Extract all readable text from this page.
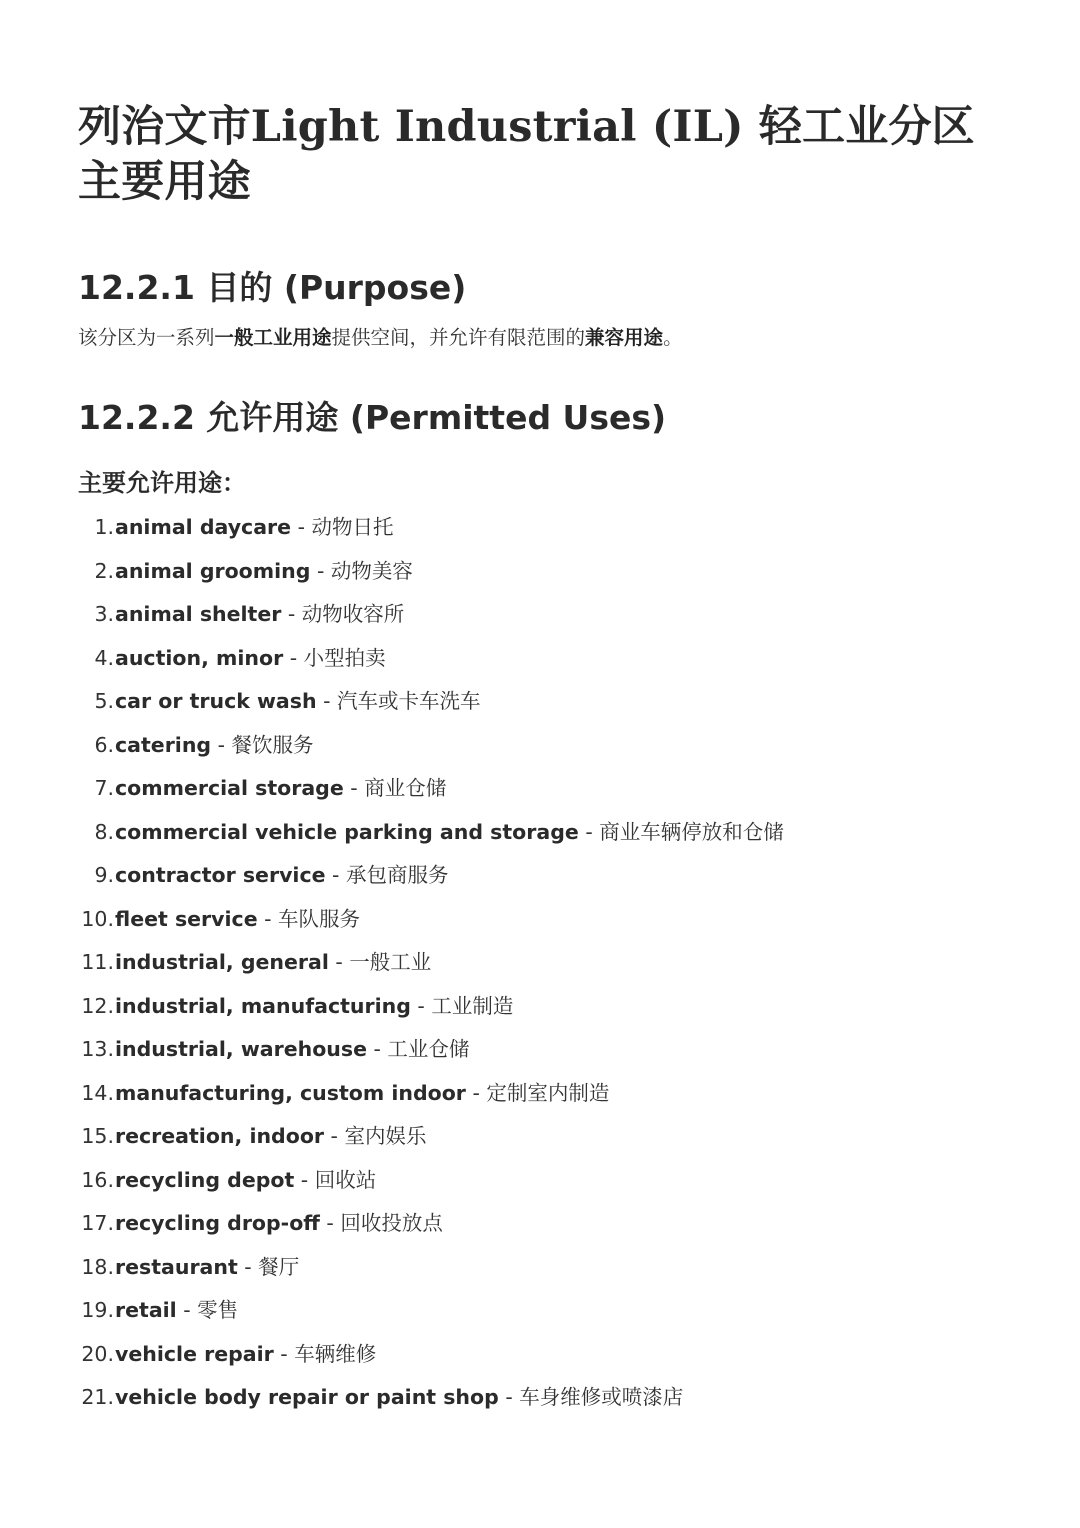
列治文市Light Industrial (IL) 轻工业分区主要用途
12.2.1 目的 (Purpose)

该分区为一系列一般工业用途提供空间，并允许有限范围的兼容用途。

12.2.2 允许用途 (Permitted Uses)
主要允许用途：
1. animal daycare - 动物日托
2. animal grooming - 动物美容
3. animal shelter - 动物收容所
4. auction, minor - 小型拍卖
5. car or truck wash - 汽车或卡车洗车
6. catering - 餐饮服务
7. commercial storage - 商业仓储
8. commercial vehicle parking and storage - 商业车辆停放和仓储
9. contractor service - 承包商服务
10. fleet service - 车队服务
11. industrial, general - 一般工业
12. industrial, manufacturing - 工业制造
13. industrial, warehouse - 工业仓储
14. manufacturing, custom indoor - 定制室内制造
15. recreation, indoor - 室内娱乐
16. recycling depot - 回收站
17. recycling drop-off - 回收投放点
18. restaurant - 餐厅
19. retail - 零售
20. vehicle repair - 车辆维修
21. vehicle body repair or paint shop - 车身维修或喷漆店
